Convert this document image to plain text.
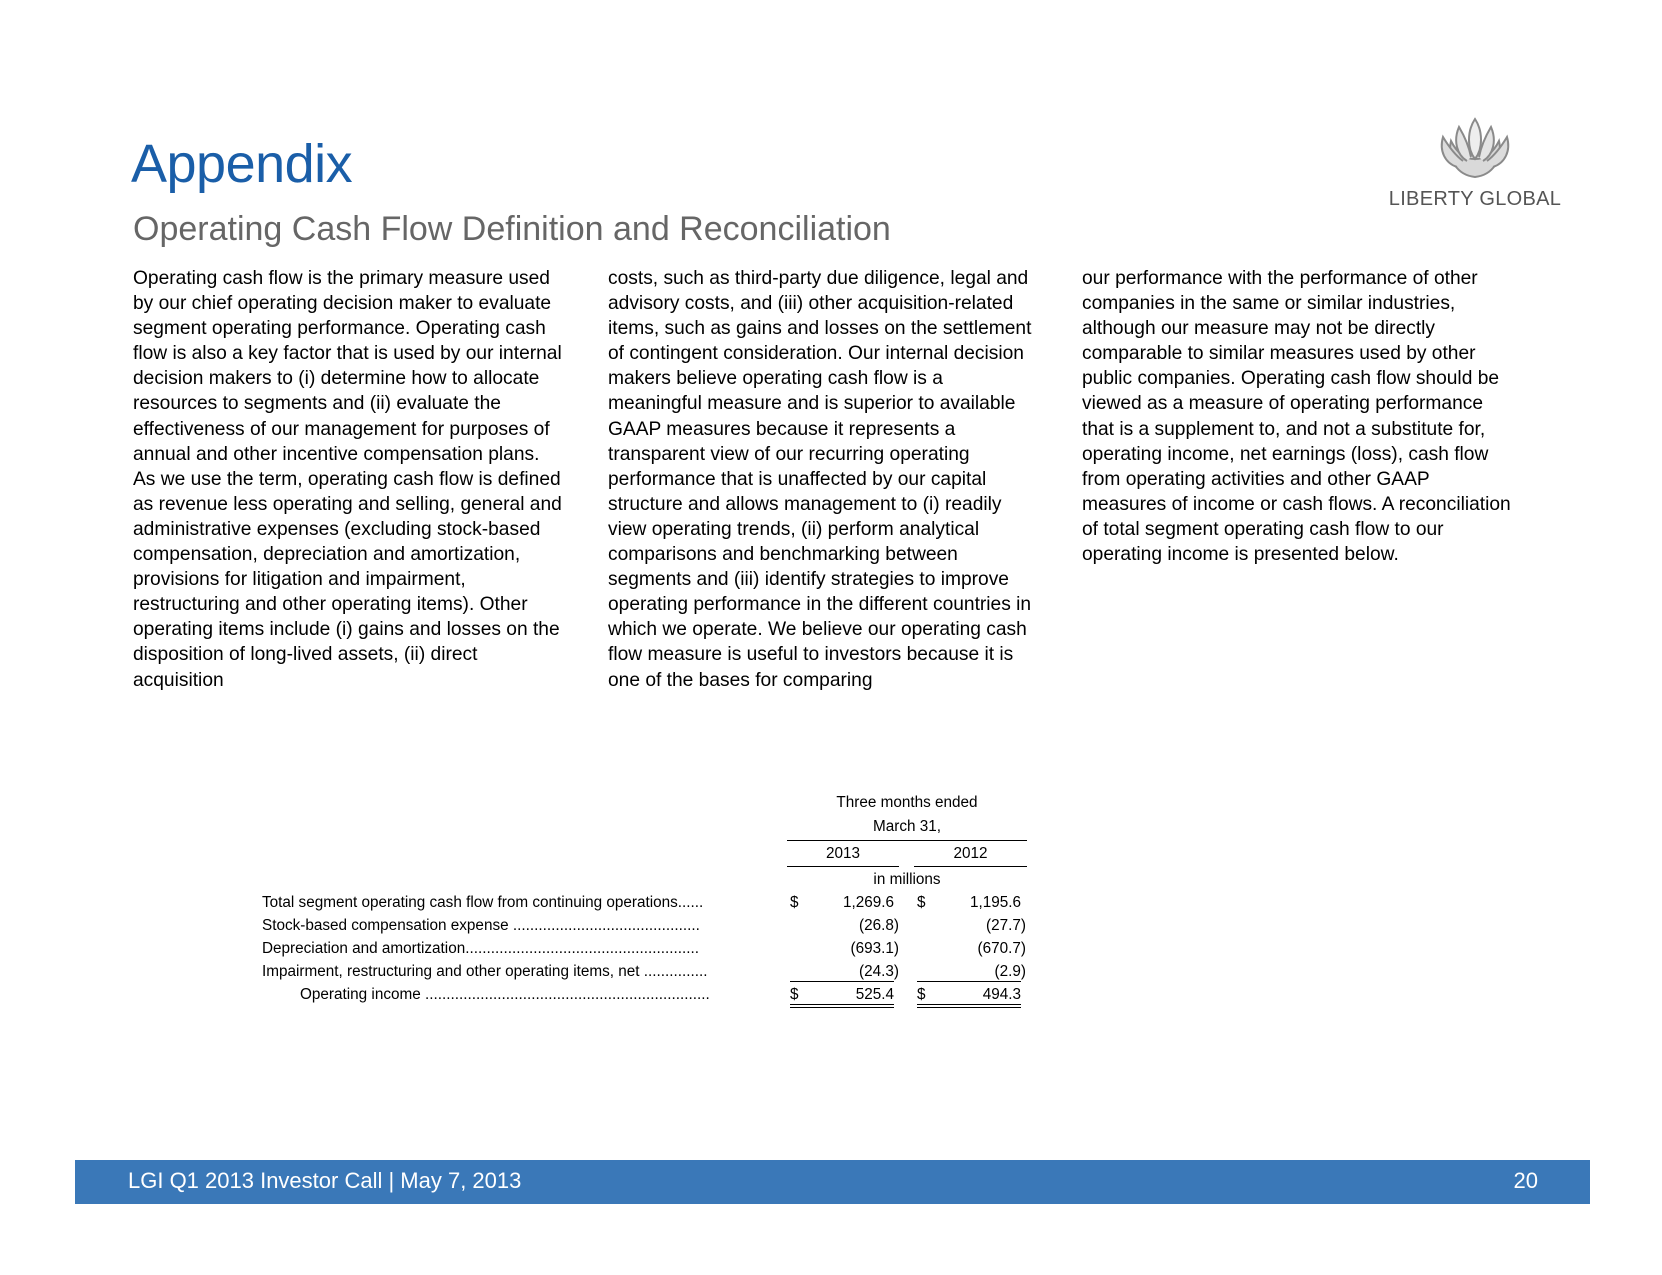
Appendix
Operating Cash Flow Definition and Reconciliation
LIBERTY GLOBAL
Operating cash flow is the primary measure used by our chief operating decision maker to evaluate segment operating performance. Operating cash flow is also a key factor that is used by our internal decision makers to (i) determine how to allocate resources to segments and (ii) evaluate the effectiveness of our management for purposes of annual and other incentive compensation plans. As we use the term, operating cash flow is defined as revenue less operating and selling, general and administrative expenses (excluding stock-based compensation, depreciation and amortization, provisions for litigation and impairment, restructuring and other operating items). Other operating items include (i) gains and losses on the disposition of long-lived assets, (ii) direct acquisition
costs, such as third-party due diligence, legal and advisory costs, and (iii) other acquisition-related items, such as gains and losses on the settlement of contingent consideration. Our internal decision makers believe operating cash flow is a meaningful measure and is superior to available GAAP measures because it represents a transparent view of our recurring operating performance that is unaffected by our capital structure and allows management to (i) readily view operating trends, (ii) perform analytical comparisons and benchmarking between segments and (iii) identify strategies to improve operating performance in the different countries in which we operate. We believe our operating cash flow measure is useful to investors because it is one of the bases for comparing
our performance with the performance of other companies in the same or similar industries, although our measure may not be directly comparable to similar measures used by other public companies. Operating cash flow should be viewed as a measure of operating performance that is a supplement to, and not a substitute for, operating income, net earnings (loss), cash flow from operating activities and other GAAP measures of income or cash flows. A reconciliation of total segment operating cash flow to our operating income is presented below.
Three months ended
March 31,
2013	2012
in millions
Total segment operating cash flow from continuing operations......	$	1,269.6 $	1,195.6
Stock-based compensation expense ............................................	(26.8)	(27.7)
Depreciation and amortization.......................................................	(693.1)	(670.7)
Impairment, restructuring and other operating items, net ...............	(24.3)	(2.9)
Operating income ...................................................................	$	525.4 $	494.3
LGI Q1 2013 Investor Call | May 7, 2013	20
